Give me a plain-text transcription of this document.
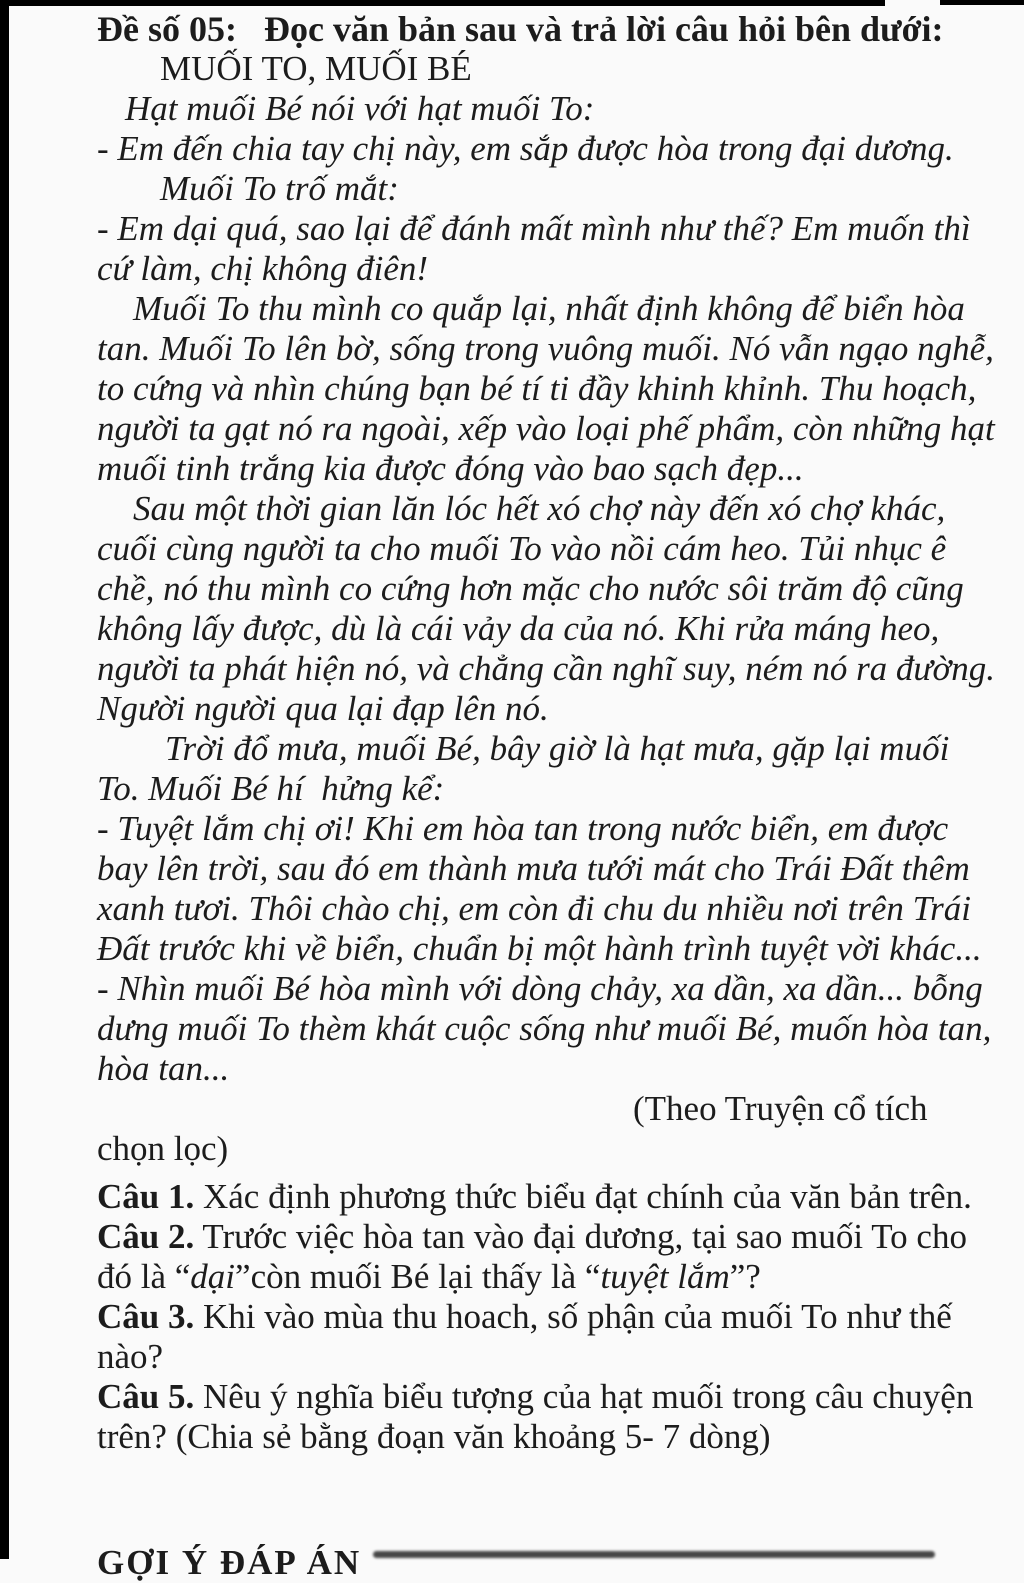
Đề số 05:   Đọc văn bản sau và trả lời câu hỏi bên dưới:
MUỐI TO, MUỐI BÉ

Hạt muối Bé nói với hạt muối To:

- Em đến chia tay chị này, em sắp được hòa trong đại dương.

Muối To trố mắt:

- Em dại quá, sao lại để đánh mất mình như thế? Em muốn thì cứ làm, chị không điên!

Muối To thu mình co quắp lại, nhất định không để biển hòa tan. Muối To lên bờ, sống trong vuông muối. Nó vẫn ngạo nghễ, to cứng và nhìn chúng bạn bé tí ti đầy khinh khỉnh. Thu hoạch, người ta gạt nó ra ngoài, xếp vào loại phế phẩm, còn những hạt muối tinh trắng kia được đóng vào bao sạch đẹp...

Sau một thời gian lăn lóc hết xó chợ này đến xó chợ khác, cuối cùng người ta cho muối To vào nồi cám heo. Tủi nhục ê chề, nó thu mình co cứng hơn mặc cho nước sôi trăm độ cũng không lấy được, dù là cái vảy da của nó. Khi rửa máng heo, người ta phát hiện nó, và chẳng cần nghĩ suy, ném nó ra đường. Người người qua lại đạp lên nó.

Trời đổ mưa, muối Bé, bây giờ là hạt mưa, gặp lại muối To. Muối Bé hí  hửng kể:

- Tuyệt lắm chị ơi! Khi em hòa tan trong nước biển, em được bay lên trời, sau đó em thành mưa tưới mát cho Trái Đất thêm xanh tươi. Thôi chào chị, em còn đi chu du nhiều nơi trên Trái Đất trước khi về biển, chuẩn bị một hành trình tuyệt vời khác...

- Nhìn muối Bé hòa mình với dòng chảy, xa dần, xa dần... bỗng dưng muối To thèm khát cuộc sống như muối Bé, muốn hòa tan, hòa tan...

(Theo Truyện cổ tích

chọn lọc)

Câu 1. Xác định phương thức biểu đạt chính của văn bản trên.

Câu 2. Trước việc hòa tan vào đại dương, tại sao muối To cho đó là “dại”còn muối Bé lại thấy là “tuyệt lắm”?

Câu 3. Khi vào mùa thu hoach, số phận của muối To như thế nào?

Câu 5. Nêu ý nghĩa biểu tượng của hạt muối trong câu chuyện trên? (Chia sẻ bằng đoạn văn khoảng 5- 7 dòng)

GỢI Ý ĐÁP ÁN
